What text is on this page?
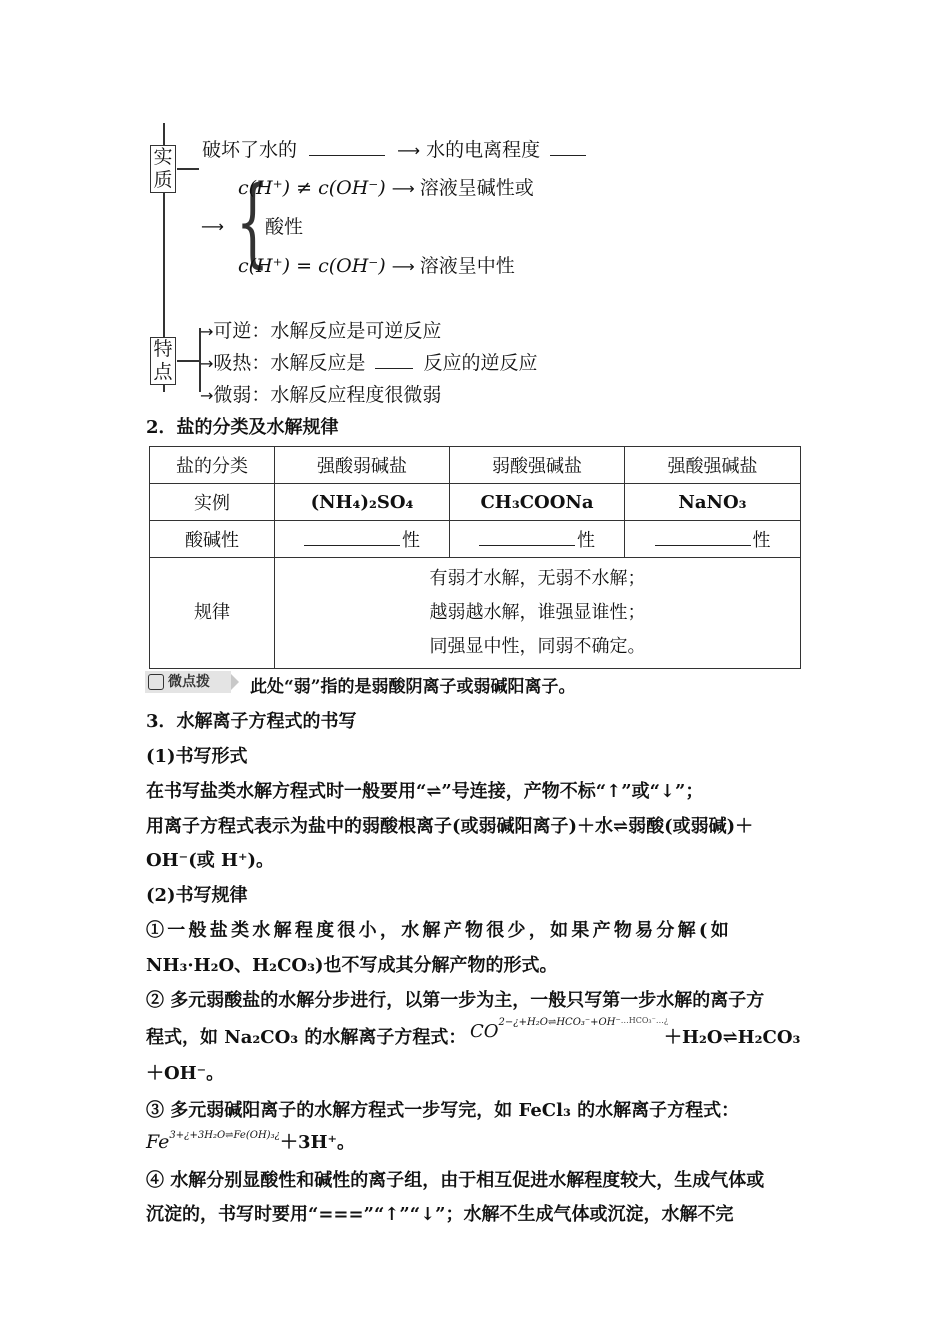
实质
破坏了水的	⟶ 水的电离程度
⟶ {
c(H⁺) ≠ c(OH⁻) ⟶ 溶液呈碱性或
酸性
c(H⁺) = c(OH⁻) ⟶ 溶液呈中性
特点
→可逆：水解反应是可逆反应
→吸热：水解反应是	反应的逆反应
→微弱：水解反应程度很微弱
2．盐的分类及水解规律
盐的分类	强酸弱碱盐	弱酸强碱盐	强酸强碱盐
实例	(NH₄)₂SO₄	CH₃COONa	NaNO₃
酸碱性	性	性	性
规律	有弱才水解，无弱不水解；
越弱越水解，谁强显谁性；
同强显中性，同弱不确定。		
微点拨	此处“弱”指的是弱酸阴离子或弱碱阳离子。
3．水解离子方程式的书写
(1)书写形式
在书写盐类水解方程式时一般要用“⇌”号连接，产物不标“↑”或“↓”；
用离子方程式表示为盐中的弱酸根离子(或弱碱阳离子)＋水⇌弱酸(或弱碱)＋
OH⁻(或 H⁺)。
(2)书写规律
① 一 般 盐 类 水 解 程 度 很 小 ， 水 解 产 物 很 少 ， 如 果 产 物 易 分 解 ( 如
NH₃·H₂O、H₂CO₃)也不写成其分解产物的形式。
② 多元弱酸盐的水解分步进行，以第一步为主，一般只写第一步水解的离子方
程式，如 Na₂CO₃ 的水解离子方程式： $CO^{2-¿+H_2O\rightleftharpoons HCO_3^-+OH^-\dots HCO_3^-\dots¿}$
＋H₂O⇌H₂CO₃
＋OH⁻。
③ 多元弱碱阳离子的水解方程式一步写完，如 FeCl₃ 的水解离子方程式：
$Fe^{3+¿+3H_2O\rightleftharpoons Fe(OH)_3¿}+3H^+$。
④ 水解分别显酸性和碱性的离子组，由于相互促进水解程度较大，生成气体或
沉淀的，书写时要用“===”“↑”“↓”；水解不生成气体或沉淀，水解不完
